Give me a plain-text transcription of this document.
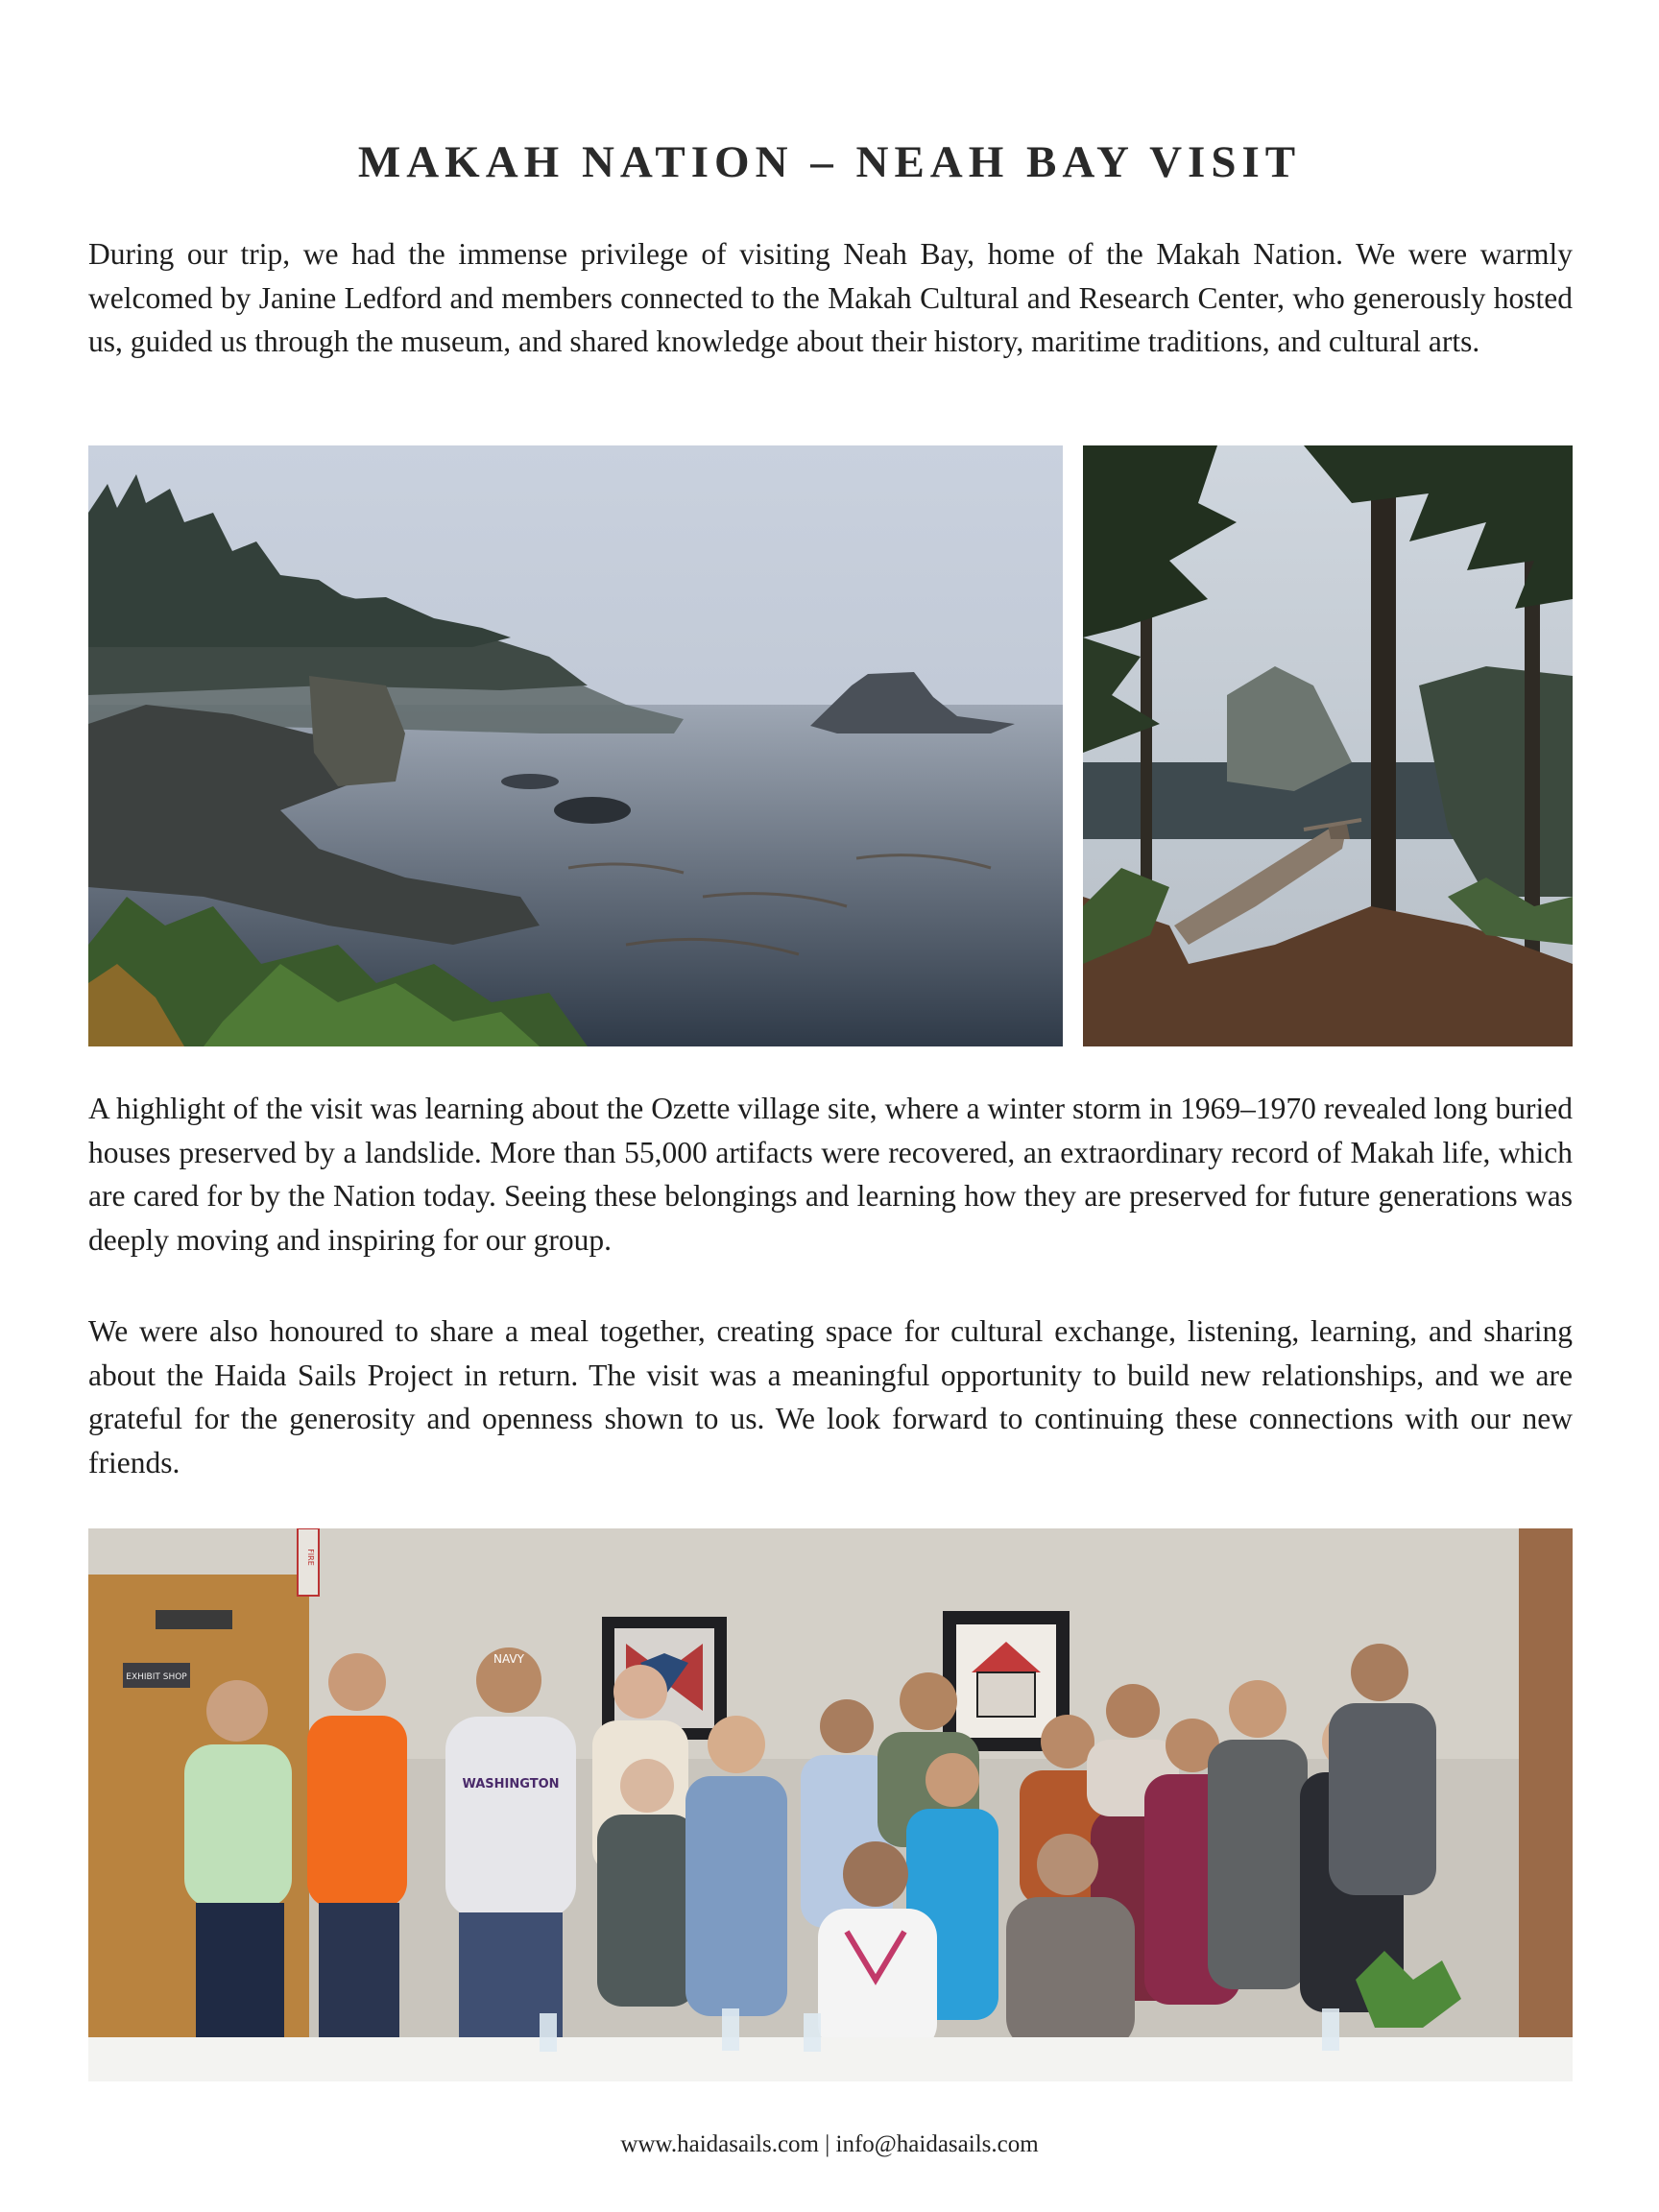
MAKAH NATION – NEAH BAY VISIT

During our trip, we had the immense privilege of visiting Neah Bay, home of the Makah Nation. We were warmly welcomed by Janine Ledford and members connected to the Makah Cultural and Research Center, who generously hosted us, guided us through the museum, and shared knowledge about their history, maritime traditions, and cultural arts.

A highlight of the visit was learning about the Ozette village site, where a winter storm in 1969–1970 revealed long buried houses preserved by a landslide. More than 55,000 artifacts were recovered, an extraordinary record of Makah life, which are cared for by the Nation today. Seeing these belongings and learning how they are preserved for future generations was deeply moving and inspiring for our group.

We were also honoured to share a meal together, creating space for cultural exchange, listening, learning, and sharing about the Haida Sails Project in return. The visit was a meaningful opportunity to build new relationships, and we are grateful for the generosity and openness shown to us. We look forward to continuing these connections with our new friends.

EXHIBIT SHOP
FIRE
NAVY
WASHINGTON

www.haidasails.com | info@haidasails.com
